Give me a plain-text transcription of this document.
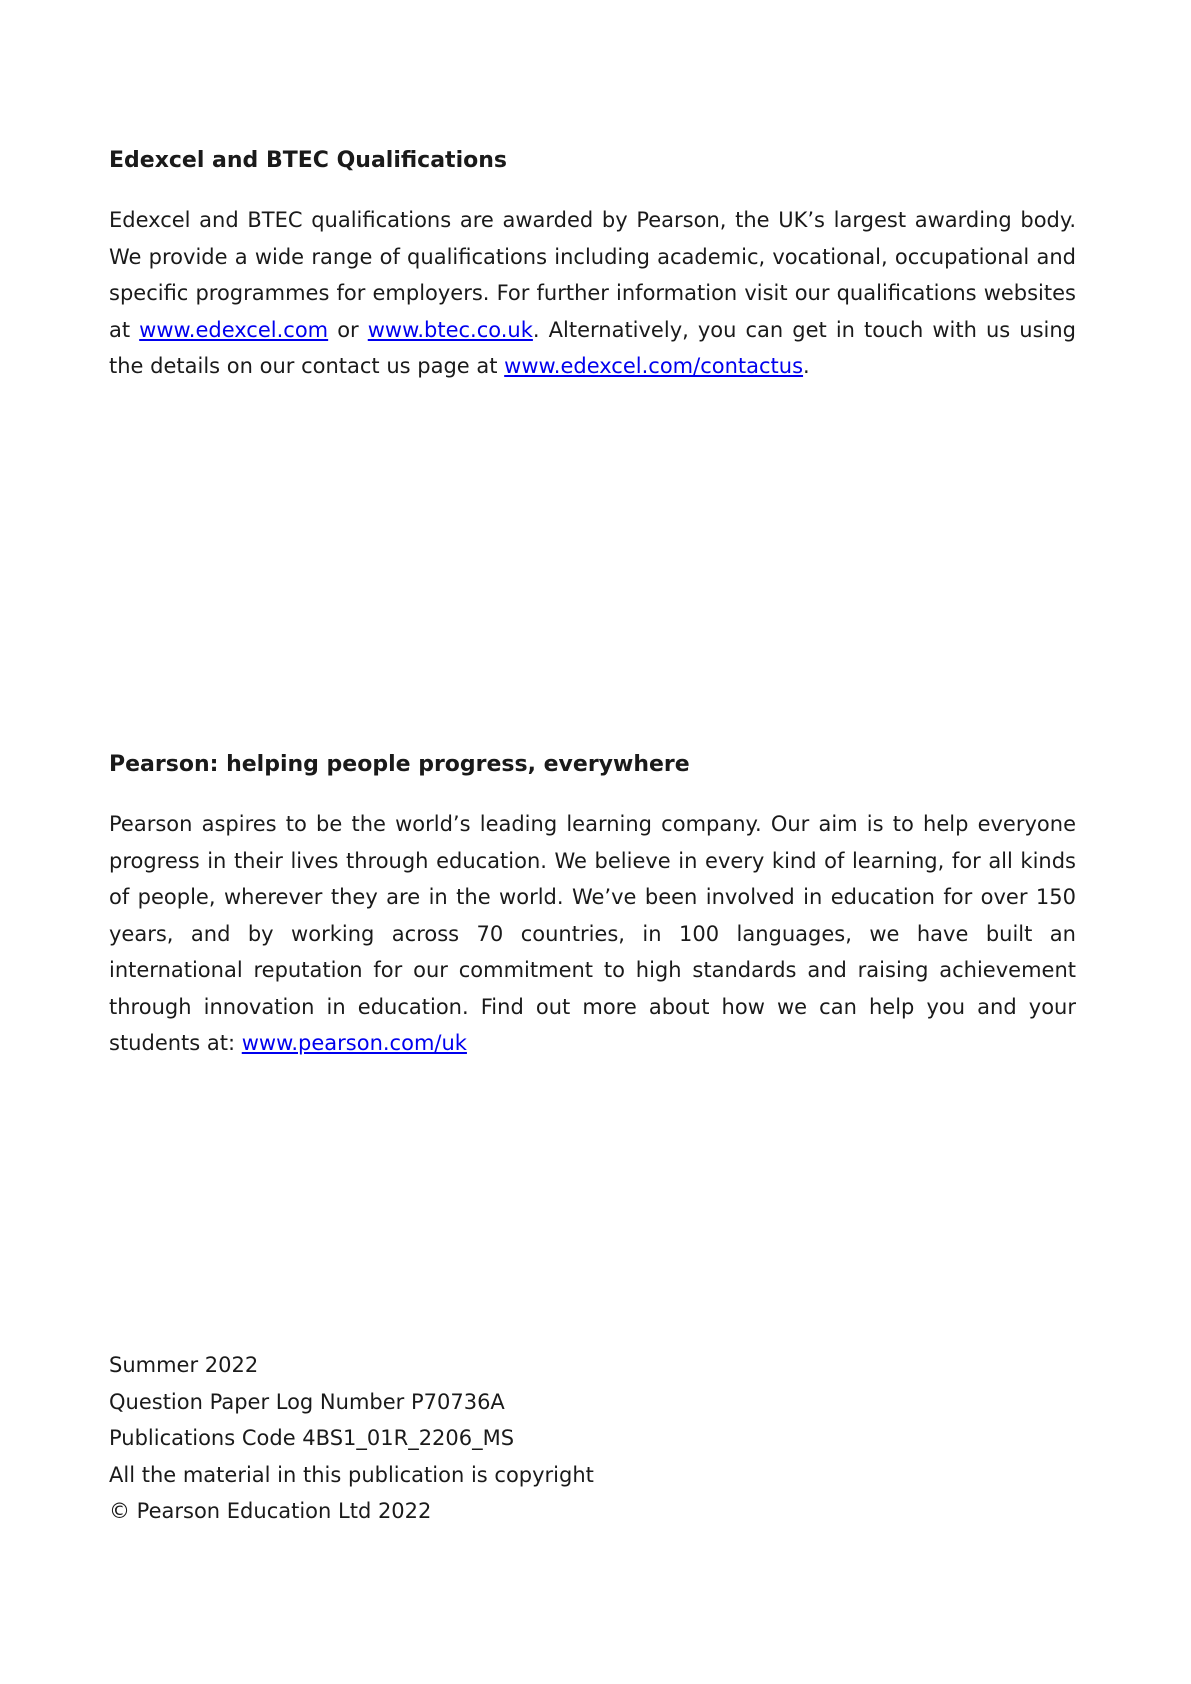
Edexcel and BTEC Qualifications

Edexcel and BTEC qualifications are awarded by Pearson, the UK’s largest awarding body. We provide a wide range of qualifications including academic, vocational, occupational and specific programmes for employers. For further information visit our qualifications websites at www.edexcel.com or www.btec.co.uk. Alternatively, you can get in touch with us using the details on our contact us page at www.edexcel.com/contactus.

Pearson: helping people progress, everywhere

Pearson aspires to be the world’s leading learning company. Our aim is to help everyone progress in their lives through education. We believe in every kind of learning, for all kinds of people, wherever they are in the world. We’ve been involved in education for over 150 years, and by working across 70 countries, in 100 languages, we have built an international reputation for our commitment to high standards and raising achievement through innovation in education. Find out more about how we can help you and your students at: www.pearson.com/uk

Summer 2022
Question Paper Log Number P70736A
Publications Code 4BS1_01R_2206_MS
All the material in this publication is copyright
© Pearson Education Ltd 2022
